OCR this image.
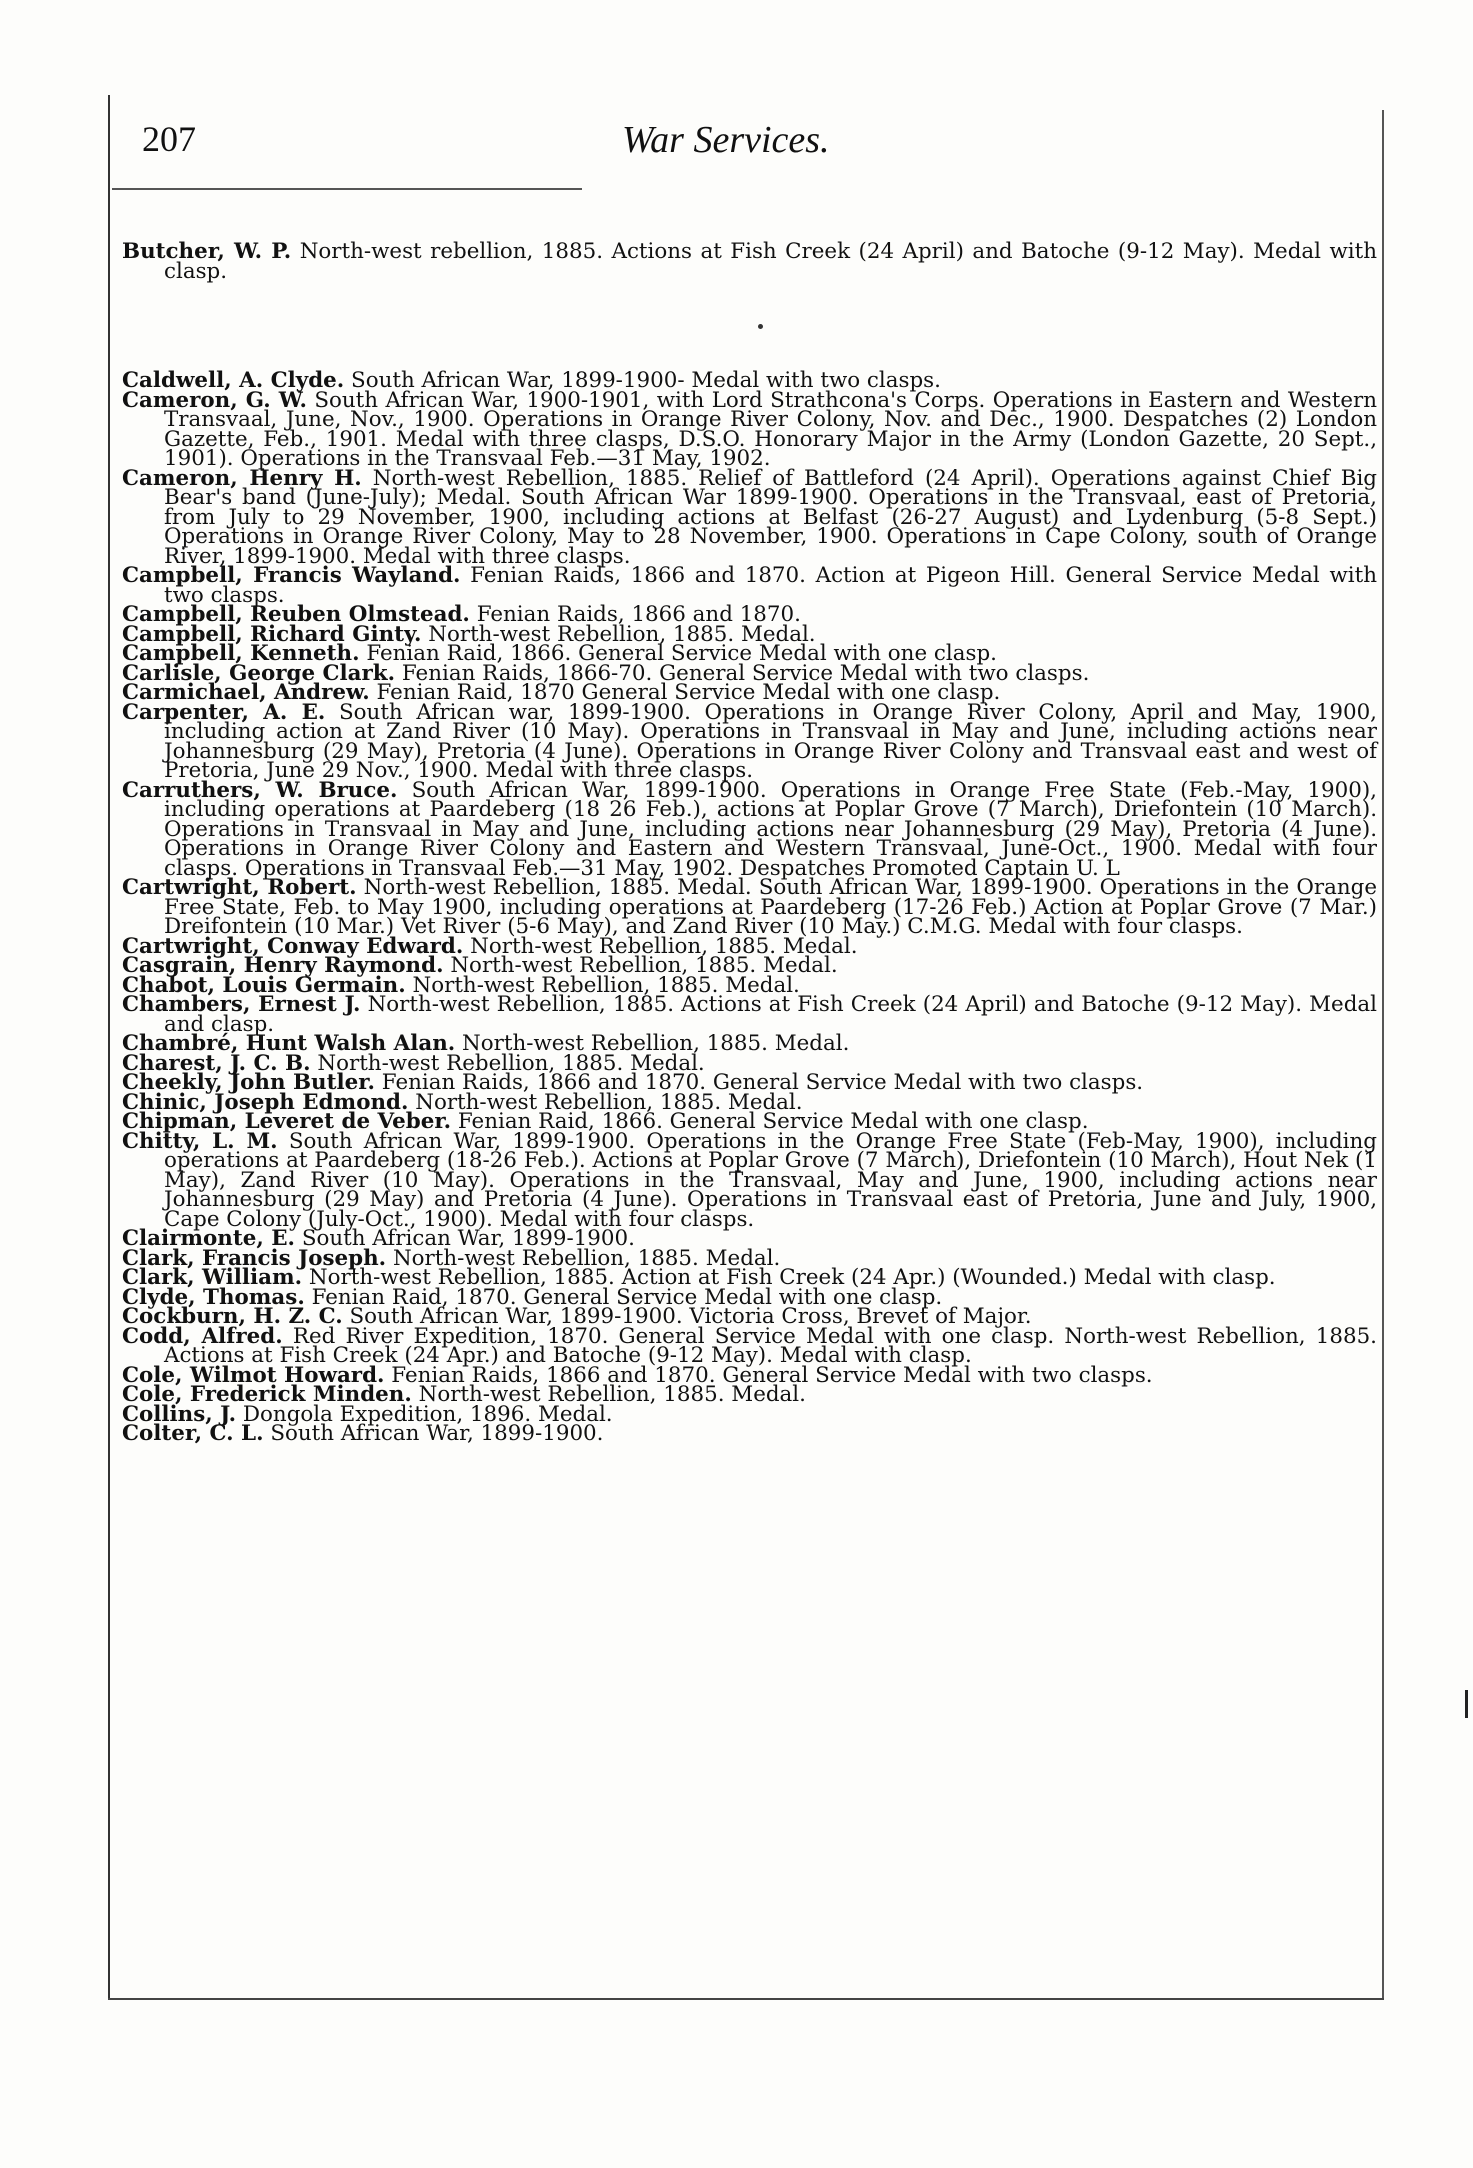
207	War Services.

Butcher, W. P. North-west rebellion, 1885. Actions at Fish Creek (24 April) and Batoche (9-12 May). Medal with clasp.

Caldwell, A. Clyde. South African War, 1899-1900- Medal with two clasps.

Cameron, G. W. South African War, 1900-1901, with Lord Strathcona's Corps. Operations in Eastern and Western Transvaal, June, Nov., 1900. Operations in Orange River Colony, Nov. and Dec., 1900. Despatches (2) London Gazette, Feb., 1901. Medal with three clasps, D.S.O. Honorary Major in the Army (London Gazette, 20 Sept., 1901). Operations in the Transvaal Feb.—31 May, 1902.

Cameron, Henry H. North-west Rebellion, 1885. Relief of Battleford (24 April). Operations against Chief Big Bear's band (June-July); Medal. South African War 1899-1900. Operations in the Transvaal, east of Pretoria, from July to 29 November, 1900, including actions at Belfast (26-27 August) and Lydenburg (5-8 Sept.) Operations in Orange River Colony, May to 28 November, 1900. Operations in Cape Colony, south of Orange River, 1899-1900. Medal with three clasps.

Campbell, Francis Wayland. Fenian Raids, 1866 and 1870. Action at Pigeon Hill. General Service Medal with two clasps.

Campbell, Reuben Olmstead. Fenian Raids, 1866 and 1870.

Campbell, Richard Ginty. North-west Rebellion, 1885. Medal.

Campbell, Kenneth. Fenian Raid, 1866. General Service Medal with one clasp.

Carlisle, George Clark. Fenian Raids, 1866-70. General Service Medal with two clasps.

Carmichael, Andrew. Fenian Raid, 1870 General Service Medal with one clasp.

Carpenter, A. E. South African war, 1899-1900. Operations in Orange River Colony, April and May, 1900, including action at Zand River (10 May). Operations in Transvaal in May and June, including actions near Johannesburg (29 May), Pretoria (4 June). Operations in Orange River Colony and Transvaal east and west of Pretoria, June 29 Nov., 1900. Medal with three clasps.

Carruthers, W. Bruce. South African War, 1899-1900. Operations in Orange Free State (Feb.-May, 1900), including operations at Paardeberg (18 26 Feb.), actions at Poplar Grove (7 March), Driefontein (10 March). Operations in Transvaal in May and June, including actions near Johannesburg (29 May), Pretoria (4 June). Operations in Orange River Colony and Eastern and Western Transvaal, June-Oct., 1900. Medal with four clasps. Operations in Transvaal Feb.—31 May, 1902. Despatches Promoted Captain U. L

Cartwright, Robert. North-west Rebellion, 1885. Medal. South African War, 1899-1900. Operations in the Orange Free State, Feb. to May 1900, including operations at Paardeberg (17-26 Feb.) Action at Poplar Grove (7 Mar.) Dreifontein (10 Mar.) Vet River (5-6 May), and Zand River (10 May.) C.M.G. Medal with four clasps.

Cartwright, Conway Edward. North-west Rebellion, 1885. Medal.

Casgrain, Henry Raymond. North-west Rebellion, 1885. Medal.

Chabot, Louis Germain. North-west Rebellion, 1885. Medal.

Chambers, Ernest J. North-west Rebellion, 1885. Actions at Fish Creek (24 April) and Batoche (9-12 May). Medal and clasp.

Chambré, Hunt Walsh Alan. North-west Rebellion, 1885. Medal.

Charest, J. C. B. North-west Rebellion, 1885. Medal.

Cheekly, John Butler. Fenian Raids, 1866 and 1870. General Service Medal with two clasps.

Chinic, Joseph Edmond. North-west Rebellion, 1885. Medal.

Chipman, Leveret de Veber. Fenian Raid, 1866. General Service Medal with one clasp.

Chitty, L. M. South African War, 1899-1900. Operations in the Orange Free State (Feb-May, 1900), including operations at Paardeberg (18-26 Feb.). Actions at Poplar Grove (7 March), Driefontein (10 March), Hout Nek (1 May), Zand River (10 May). Operations in the Transvaal, May and June, 1900, including actions near Johannesburg (29 May) and Pretoria (4 June). Operations in Transvaal east of Pretoria, June and July, 1900, Cape Colony (July-Oct., 1900). Medal with four clasps.

Clairmonte, E. South African War, 1899-1900.

Clark, Francis Joseph. North-west Rebellion, 1885. Medal.

Clark, William. North-west Rebellion, 1885. Action at Fish Creek (24 Apr.) (Wounded.) Medal with clasp.

Clyde, Thomas. Fenian Raid, 1870. General Service Medal with one clasp.

Cockburn, H. Z. C. South African War, 1899-1900. Victoria Cross, Brevet of Major.

Codd, Alfred. Red River Expedition, 1870. General Service Medal with one clasp. North-west Rebellion, 1885. Actions at Fish Creek (24 Apr.) and Batoche (9-12 May). Medal with clasp.

Cole, Wilmot Howard. Fenian Raids, 1866 and 1870. General Service Medal with two clasps.

Cole, Frederick Minden. North-west Rebellion, 1885. Medal.

Collins, J. Dongola Expedition, 1896. Medal.

Colter, C. L. South African War, 1899-1900.
